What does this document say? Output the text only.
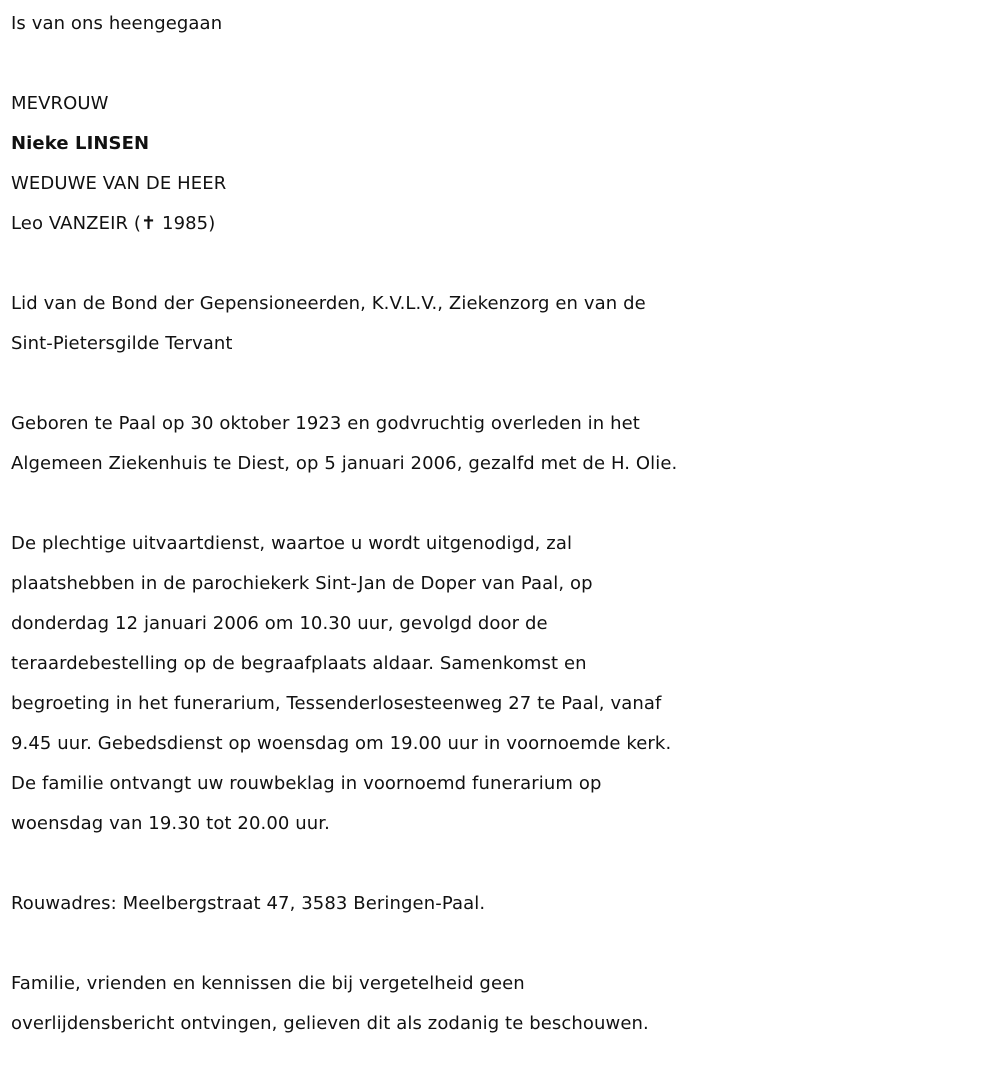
Is van ons heengegaan
MEVROUW
Nieke LINSEN
WEDUWE VAN DE HEER
Leo VANZEIR (✝ 1985)
Lid van de Bond der Gepensioneerden, K.V.L.V., Ziekenzorg en van de
Sint-Pietersgilde Tervant
Geboren te Paal op 30 oktober 1923 en godvruchtig overleden in het
Algemeen Ziekenhuis te Diest, op 5 januari 2006, gezalfd met de H. Olie.
De plechtige uitvaartdienst, waartoe u wordt uitgenodigd, zal
plaatshebben in de parochiekerk Sint-Jan de Doper van Paal, op
donderdag 12 januari 2006 om 10.30 uur, gevolgd door de
teraardebestelling op de begraafplaats aldaar. Samenkomst en
begroeting in het funerarium, Tessenderlosesteenweg 27 te Paal, vanaf
9.45 uur. Gebedsdienst op woensdag om 19.00 uur in voornoemde kerk.
De familie ontvangt uw rouwbeklag in voornoemd funerarium op
woensdag van 19.30 tot 20.00 uur.
Rouwadres: Meelbergstraat 47, 3583 Beringen-Paal.
Familie, vrienden en kennissen die bij vergetelheid geen
overlijdensbericht ontvingen, gelieven dit als zodanig te beschouwen.
